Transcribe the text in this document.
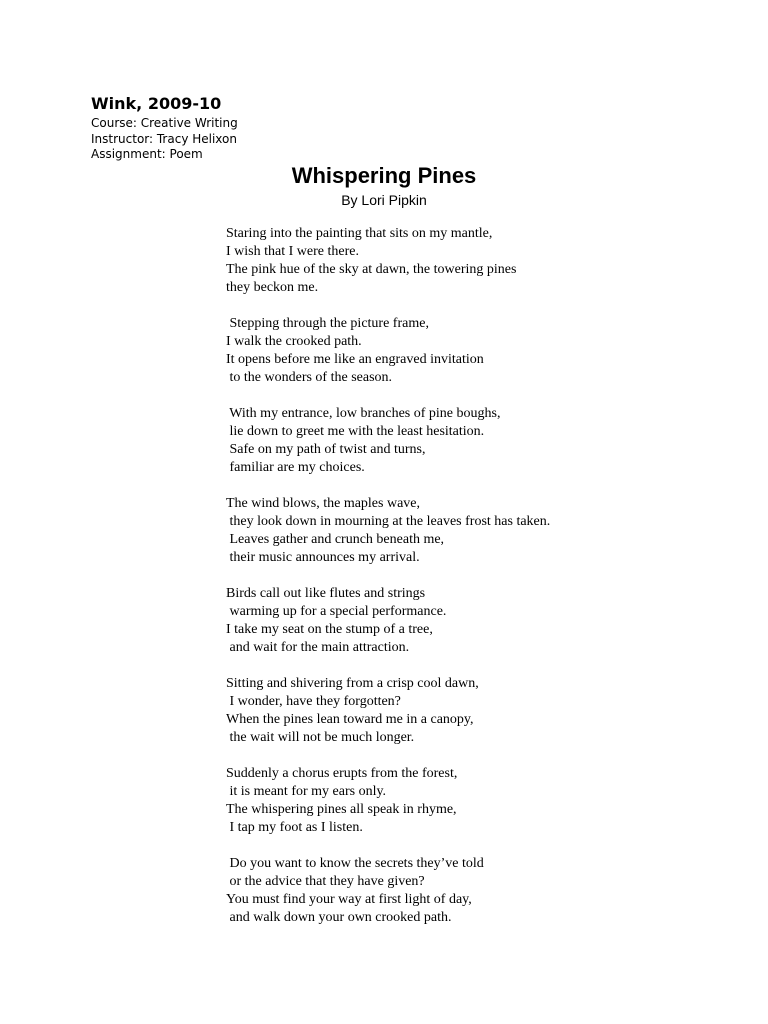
Wink, 2009-10
Course: Creative Writing
Instructor: Tracy Helixon
Assignment: Poem
Whispering Pines
By Lori Pipkin
Staring into the painting that sits on my mantle,
I wish that I were there.
The pink hue of the sky at dawn, the towering pines
they beckon me.
Stepping through the picture frame,
I walk the crooked path.
It opens before me like an engraved invitation
to the wonders of the season.
With my entrance, low branches of pine boughs,
lie down to greet me with the least hesitation.
Safe on my path of twist and turns,
familiar are my choices.
The wind blows, the maples wave,
they look down in mourning at the leaves frost has taken.
Leaves gather and crunch beneath me,
their music announces my arrival.
Birds call out like flutes and strings
warming up for a special performance.
I take my seat on the stump of a tree,
and wait for the main attraction.
Sitting and shivering from a crisp cool dawn,
I wonder, have they forgotten?
When the pines lean toward me in a canopy,
the wait will not be much longer.
Suddenly a chorus erupts from the forest,
it is meant for my ears only.
The whispering pines all speak in rhyme,
I tap my foot as I listen.
Do you want to know the secrets they’ve told
or the advice that they have given?
You must find your way at first light of day,
and walk down your own crooked path.
